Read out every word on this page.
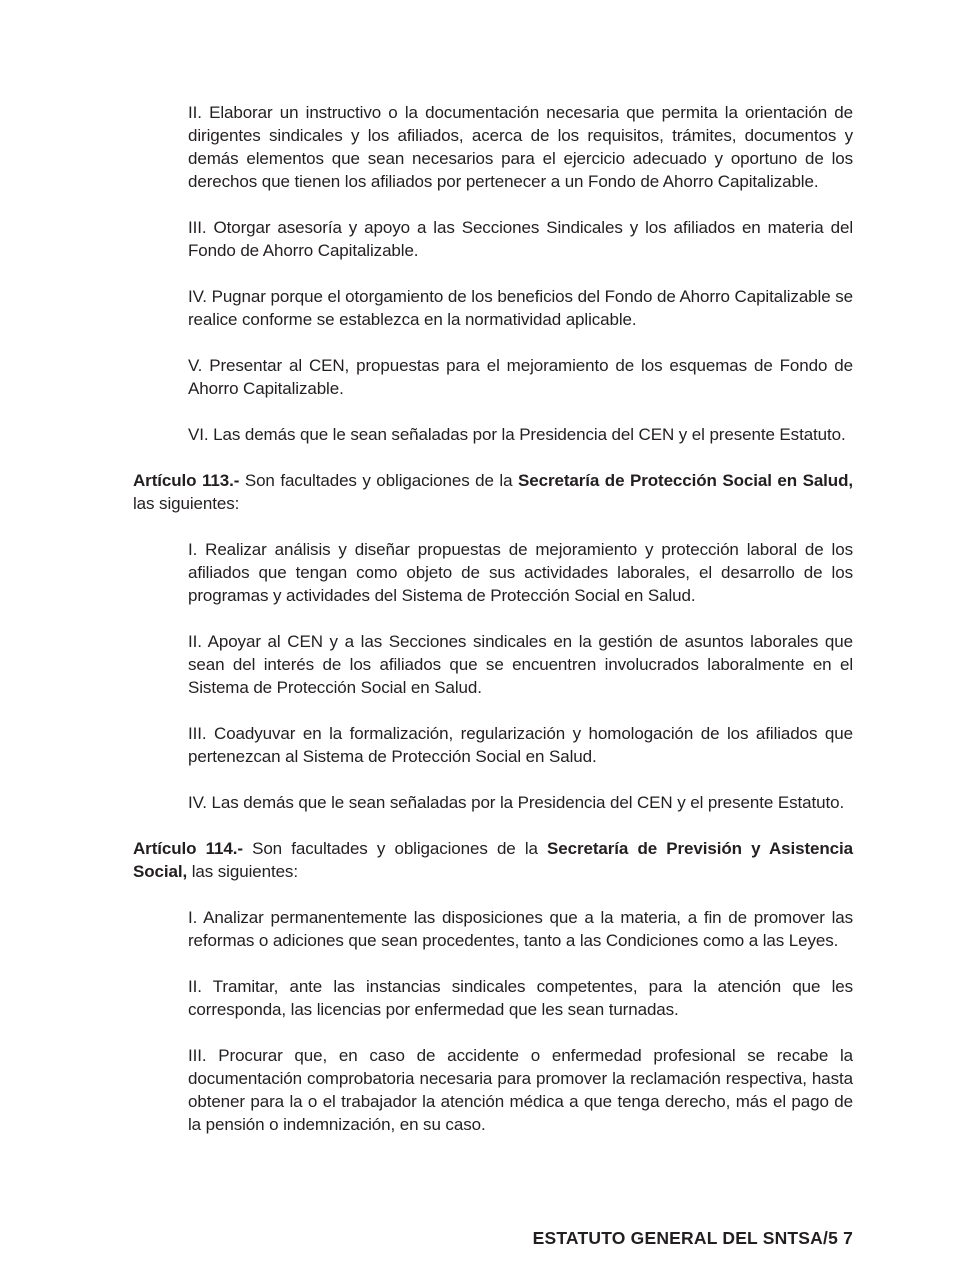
II. Elaborar un instructivo o la documentación necesaria que permita la orientación de dirigentes sindicales y los afiliados, acerca de los requisitos, trámites, documentos y demás elementos que sean necesarios para el ejercicio adecuado y oportuno de los derechos que tienen los afiliados por pertenecer a un Fondo de Ahorro Capitalizable.

III. Otorgar asesoría y apoyo a las Secciones Sindicales y los afiliados en materia del Fondo de Ahorro Capitalizable.

IV. Pugnar porque el otorgamiento de los beneficios del Fondo de Ahorro Capitalizable se realice conforme se establezca en la normatividad aplicable.

V. Presentar al CEN, propuestas para el mejoramiento de los esquemas de Fondo de Ahorro Capitalizable.

VI. Las demás que le sean señaladas por la Presidencia del CEN y el presente Estatuto.

Artículo 113.- Son facultades y obligaciones de la Secretaría de Protección Social en Salud, las siguientes:

I. Realizar análisis y diseñar propuestas de mejoramiento y protección laboral de los afiliados que tengan como objeto de sus actividades laborales, el desarrollo de los programas y actividades del Sistema de Protección Social en Salud.

II. Apoyar al CEN y a las Secciones sindicales en la gestión de asuntos laborales que sean del interés de los afiliados que se encuentren involucrados laboralmente en el Sistema de Protección Social en Salud.

III. Coadyuvar en la formalización, regularización y homologación de los afiliados que pertenezcan al Sistema de Protección Social en Salud.

IV. Las demás que le sean señaladas por la Presidencia del CEN y el presente Estatuto.

Artículo 114.- Son facultades y obligaciones de la Secretaría de Previsión y Asistencia Social, las siguientes:

I. Analizar permanentemente las disposiciones que a la materia, a fin de promover las reformas o adiciones que sean procedentes, tanto a las Condiciones como a las Leyes.

II. Tramitar, ante las instancias sindicales competentes, para la atención que les corresponda, las licencias por enfermedad que les sean turnadas.

III. Procurar que, en caso de accidente o enfermedad profesional se recabe la documentación comprobatoria necesaria para promover la reclamación respectiva, hasta obtener para la o el trabajador la atención médica a que tenga derecho, más el pago de la pensión o indemnización, en su caso.

ESTATUTO GENERAL DEL SNTSA/5 7
